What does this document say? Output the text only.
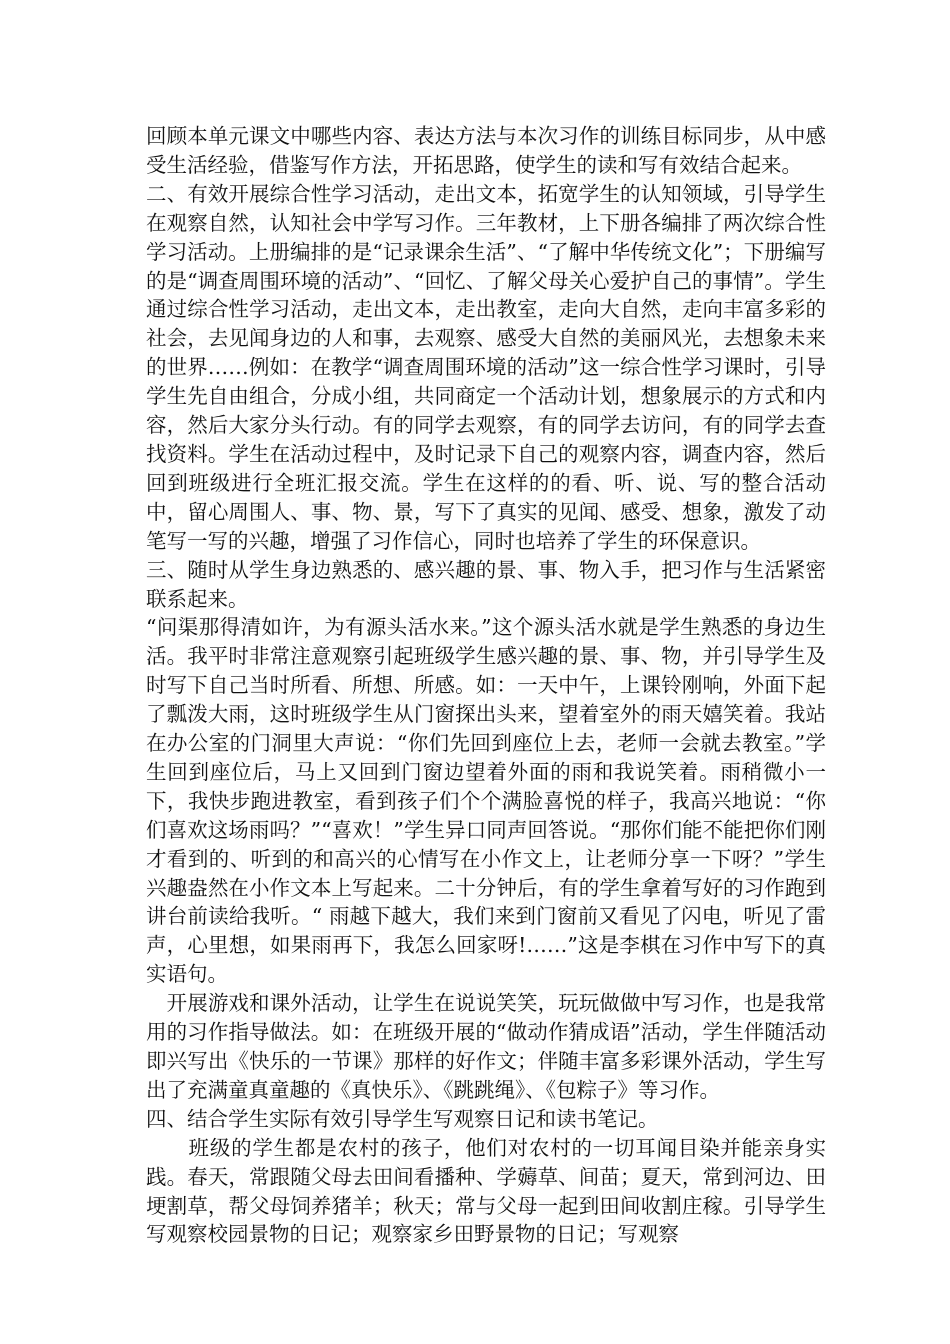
回顾本单元课文中哪些内容、表达方法与本次习作的训练目标同步，从中感受生活经验，借鉴写作方法，开拓思路，使学生的读和写有效结合起来。

二、有效开展综合性学习活动，走出文本，拓宽学生的认知领域，引导学生在观察自然，认知社会中学写习作。三年教材，上下册各编排了两次综合性学习活动。上册编排的是“记录课余生活”、“了解中华传统文化”；下册编写的是“调查周围环境的活动”、“回忆、了解父母关心爱护自己的事情”。学生通过综合性学习活动，走出文本，走出教室，走向大自然，走向丰富多彩的社会，去见闻身边的人和事，去观察、感受大自然的美丽风光，去想象未来的世界……例如：在教学“调查周围环境的活动”这一综合性学习课时，引导学生先自由组合，分成小组，共同商定一个活动计划，想象展示的方式和内容，然后大家分头行动。有的同学去观察，有的同学去访问，有的同学去查找资料。学生在活动过程中，及时记录下自己的观察内容，调查内容，然后回到班级进行全班汇报交流。学生在这样的的看、听、说、写的整合活动中，留心周围人、事、物、景，写下了真实的见闻、感受、想象，激发了动笔写一写的兴趣，增强了习作信心，同时也培养了学生的环保意识。

三、随时从学生身边熟悉的、感兴趣的景、事、物入手，把习作与生活紧密联系起来。

“问渠那得清如许，为有源头活水来。”这个源头活水就是学生熟悉的身边生活。我平时非常注意观察引起班级学生感兴趣的景、事、物，并引导学生及时写下自己当时所看、所想、所感。如：一天中午，上课铃刚响，外面下起了瓢泼大雨，这时班级学生从门窗探出头来，望着室外的雨天嬉笑着。我站在办公室的门洞里大声说：“你们先回到座位上去，老师一会就去教室。”学生回到座位后，马上又回到门窗边望着外面的雨和我说笑着。雨稍微小一下，我快步跑进教室，看到孩子们个个满脸喜悦的样子，我高兴地说：“你们喜欢这场雨吗？”“喜欢！”学生异口同声回答说。“那你们能不能把你们刚才看到的、听到的和高兴的心情写在小作文上，让老师分享一下呀？”学生兴趣盎然在小作文本上写起来。二十分钟后，有的学生拿着写好的习作跑到讲台前读给我听。“ 雨越下越大，我们来到门窗前又看见了闪电，听见了雷声，心里想，如果雨再下，我怎么回家呀!……”这是李棋在习作中写下的真实语句。

　开展游戏和课外活动，让学生在说说笑笑，玩玩做做中写习作，也是我常用的习作指导做法。如：在班级开展的“做动作猜成语”活动，学生伴随活动即兴写出《快乐的一节课》那样的好作文；伴随丰富多彩课外活动，学生写出了充满童真童趣的《真快乐》、《跳跳绳》、《包粽子》等习作。

四、结合学生实际有效引导学生写观察日记和读书笔记。

　　班级的学生都是农村的孩子，他们对农村的一切耳闻目染并能亲身实践。春天，常跟随父母去田间看播种、学薅草、间苗；夏天，常到河边、田埂割草，帮父母饲养猪羊；秋天；常与父母一起到田间收割庄稼。引导学生写观察校园景物的日记；观察家乡田野景物的日记；写观察
